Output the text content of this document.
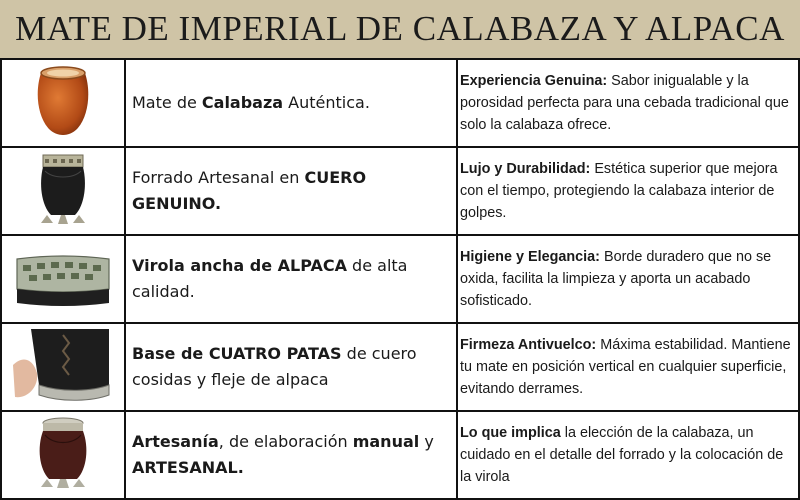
MATE DE IMPERIAL DE CALABAZA Y ALPACA

Mate de Calabaza Auténtica.	Experiencia Genuina: Sabor inigualable y la porosidad perfecta para una cebada tradicional que solo la calabaza ofrece.

Forrado Artesanal en CUERO GENUINO.	Lujo y Durabilidad: Estética superior que mejora con el tiempo, protegiendo la calabaza interior de golpes.

Virola ancha de ALPACA de alta calidad.	Higiene y Elegancia: Borde duradero que no se oxida, facilita la limpieza y aporta un acabado sofisticado.

Base de CUATRO PATAS de cuero cosidas y fleje de alpaca	Firmeza Antivuelco: Máxima estabilidad. Mantiene tu mate en posición vertical en cualquier superficie, evitando derrames.

Artesanía, de elaboración manual y ARTESANAL.	Lo que implica la elección de la calabaza, un cuidado en el detalle del forrado y la colocación de la virola
